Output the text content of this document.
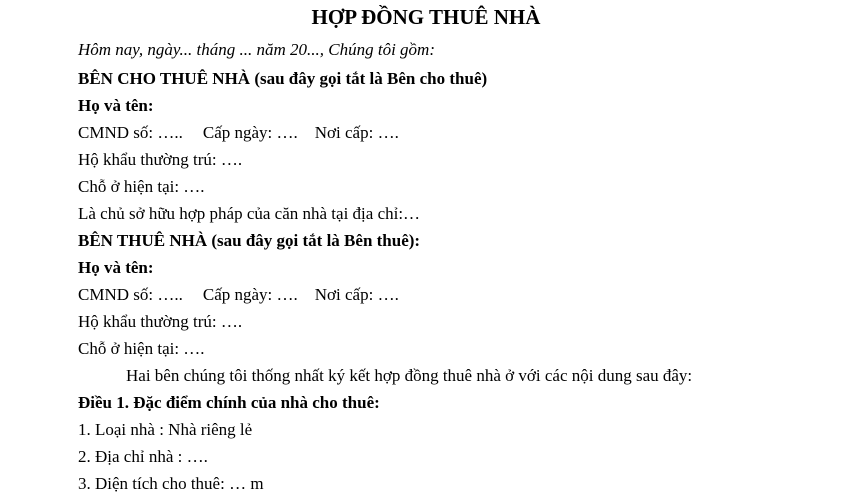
HỢP ĐỒNG THUÊ NHÀ

Hôm nay, ngày... tháng ... năm 20..., Chúng tôi gồm:

BÊN CHO THUÊ NHÀ (sau đây gọi tắt là Bên cho thuê)
Họ và tên:
CMND số: ….. Cấp ngày: …. Nơi cấp: ….
Hộ khẩu thường trú: ….
Chỗ ở hiện tại: ….
Là chủ sở hữu hợp pháp của căn nhà tại địa chỉ:…
BÊN THUÊ NHÀ (sau đây gọi tắt là Bên thuê):
Họ và tên:
CMND số: ….. Cấp ngày: …. Nơi cấp: ….
Hộ khẩu thường trú: ….
Chỗ ở hiện tại: ….
Hai bên chúng tôi thống nhất ký kết hợp đồng thuê nhà ở với các nội dung sau đây:
Điều 1. Đặc điểm chính của nhà cho thuê:
1. Loại nhà : Nhà riêng lẻ
2. Địa chỉ nhà : ….
3. Diện tích cho thuê: … m
